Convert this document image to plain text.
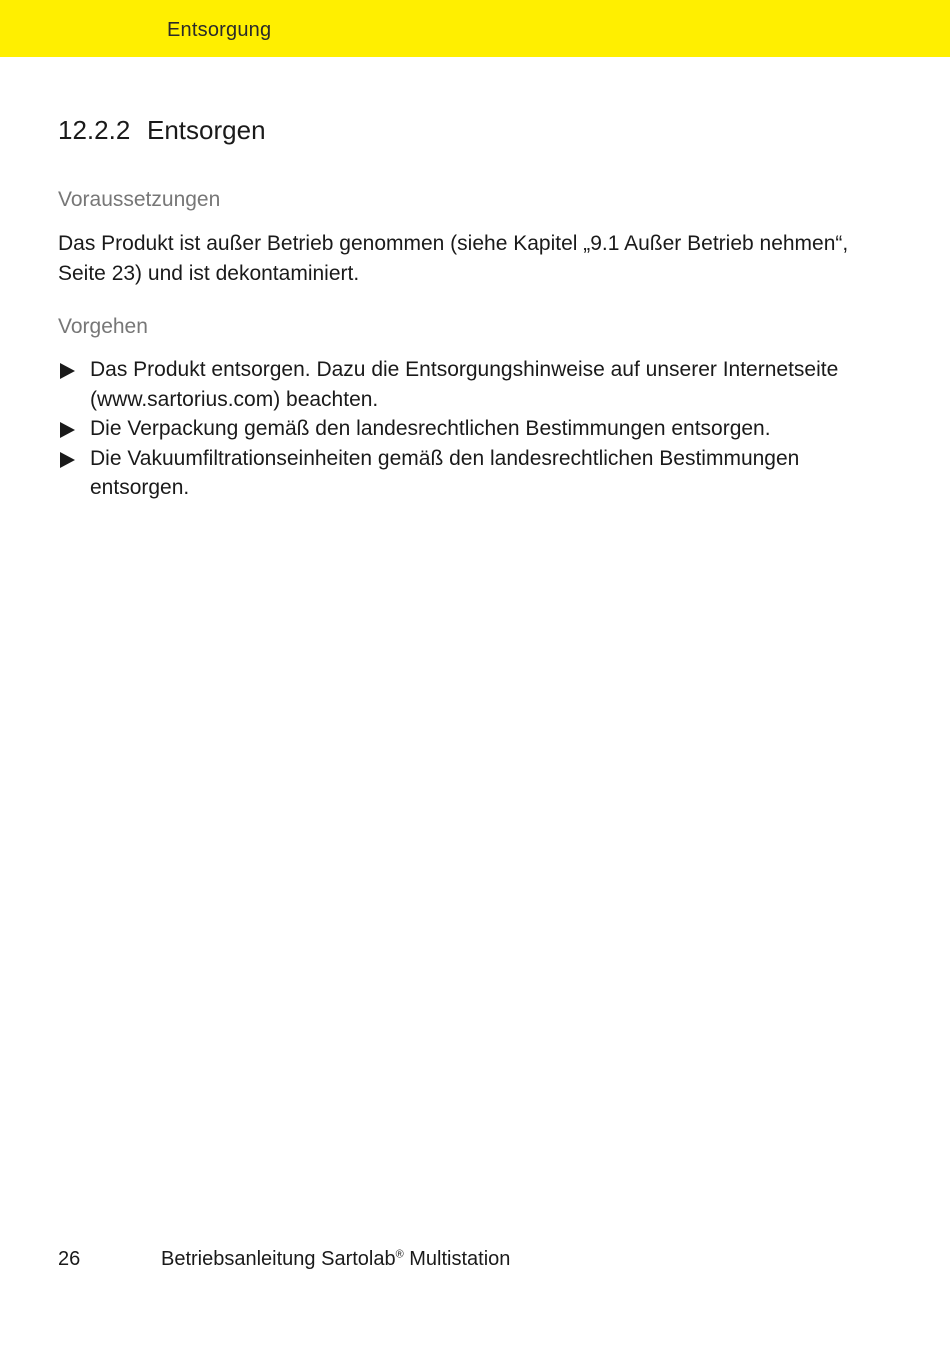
Entsorgung
12.2.2 Entsorgen
Voraussetzungen
Das Produkt ist außer Betrieb genommen (siehe Kapitel „9.1 Außer Betrieb nehmen“, Seite 23) und ist dekontaminiert.
Vorgehen
Das Produkt entsorgen. Dazu die Entsorgungshinweise auf unserer Internetseite (www.sartorius.com) beachten.
Die Verpackung gemäß den landesrechtlichen Bestimmungen entsorgen.
Die Vakuumfiltrationseinheiten gemäß den landesrechtlichen Bestimmungen entsorgen.
26	Betriebsanleitung Sartolab® Multistation
